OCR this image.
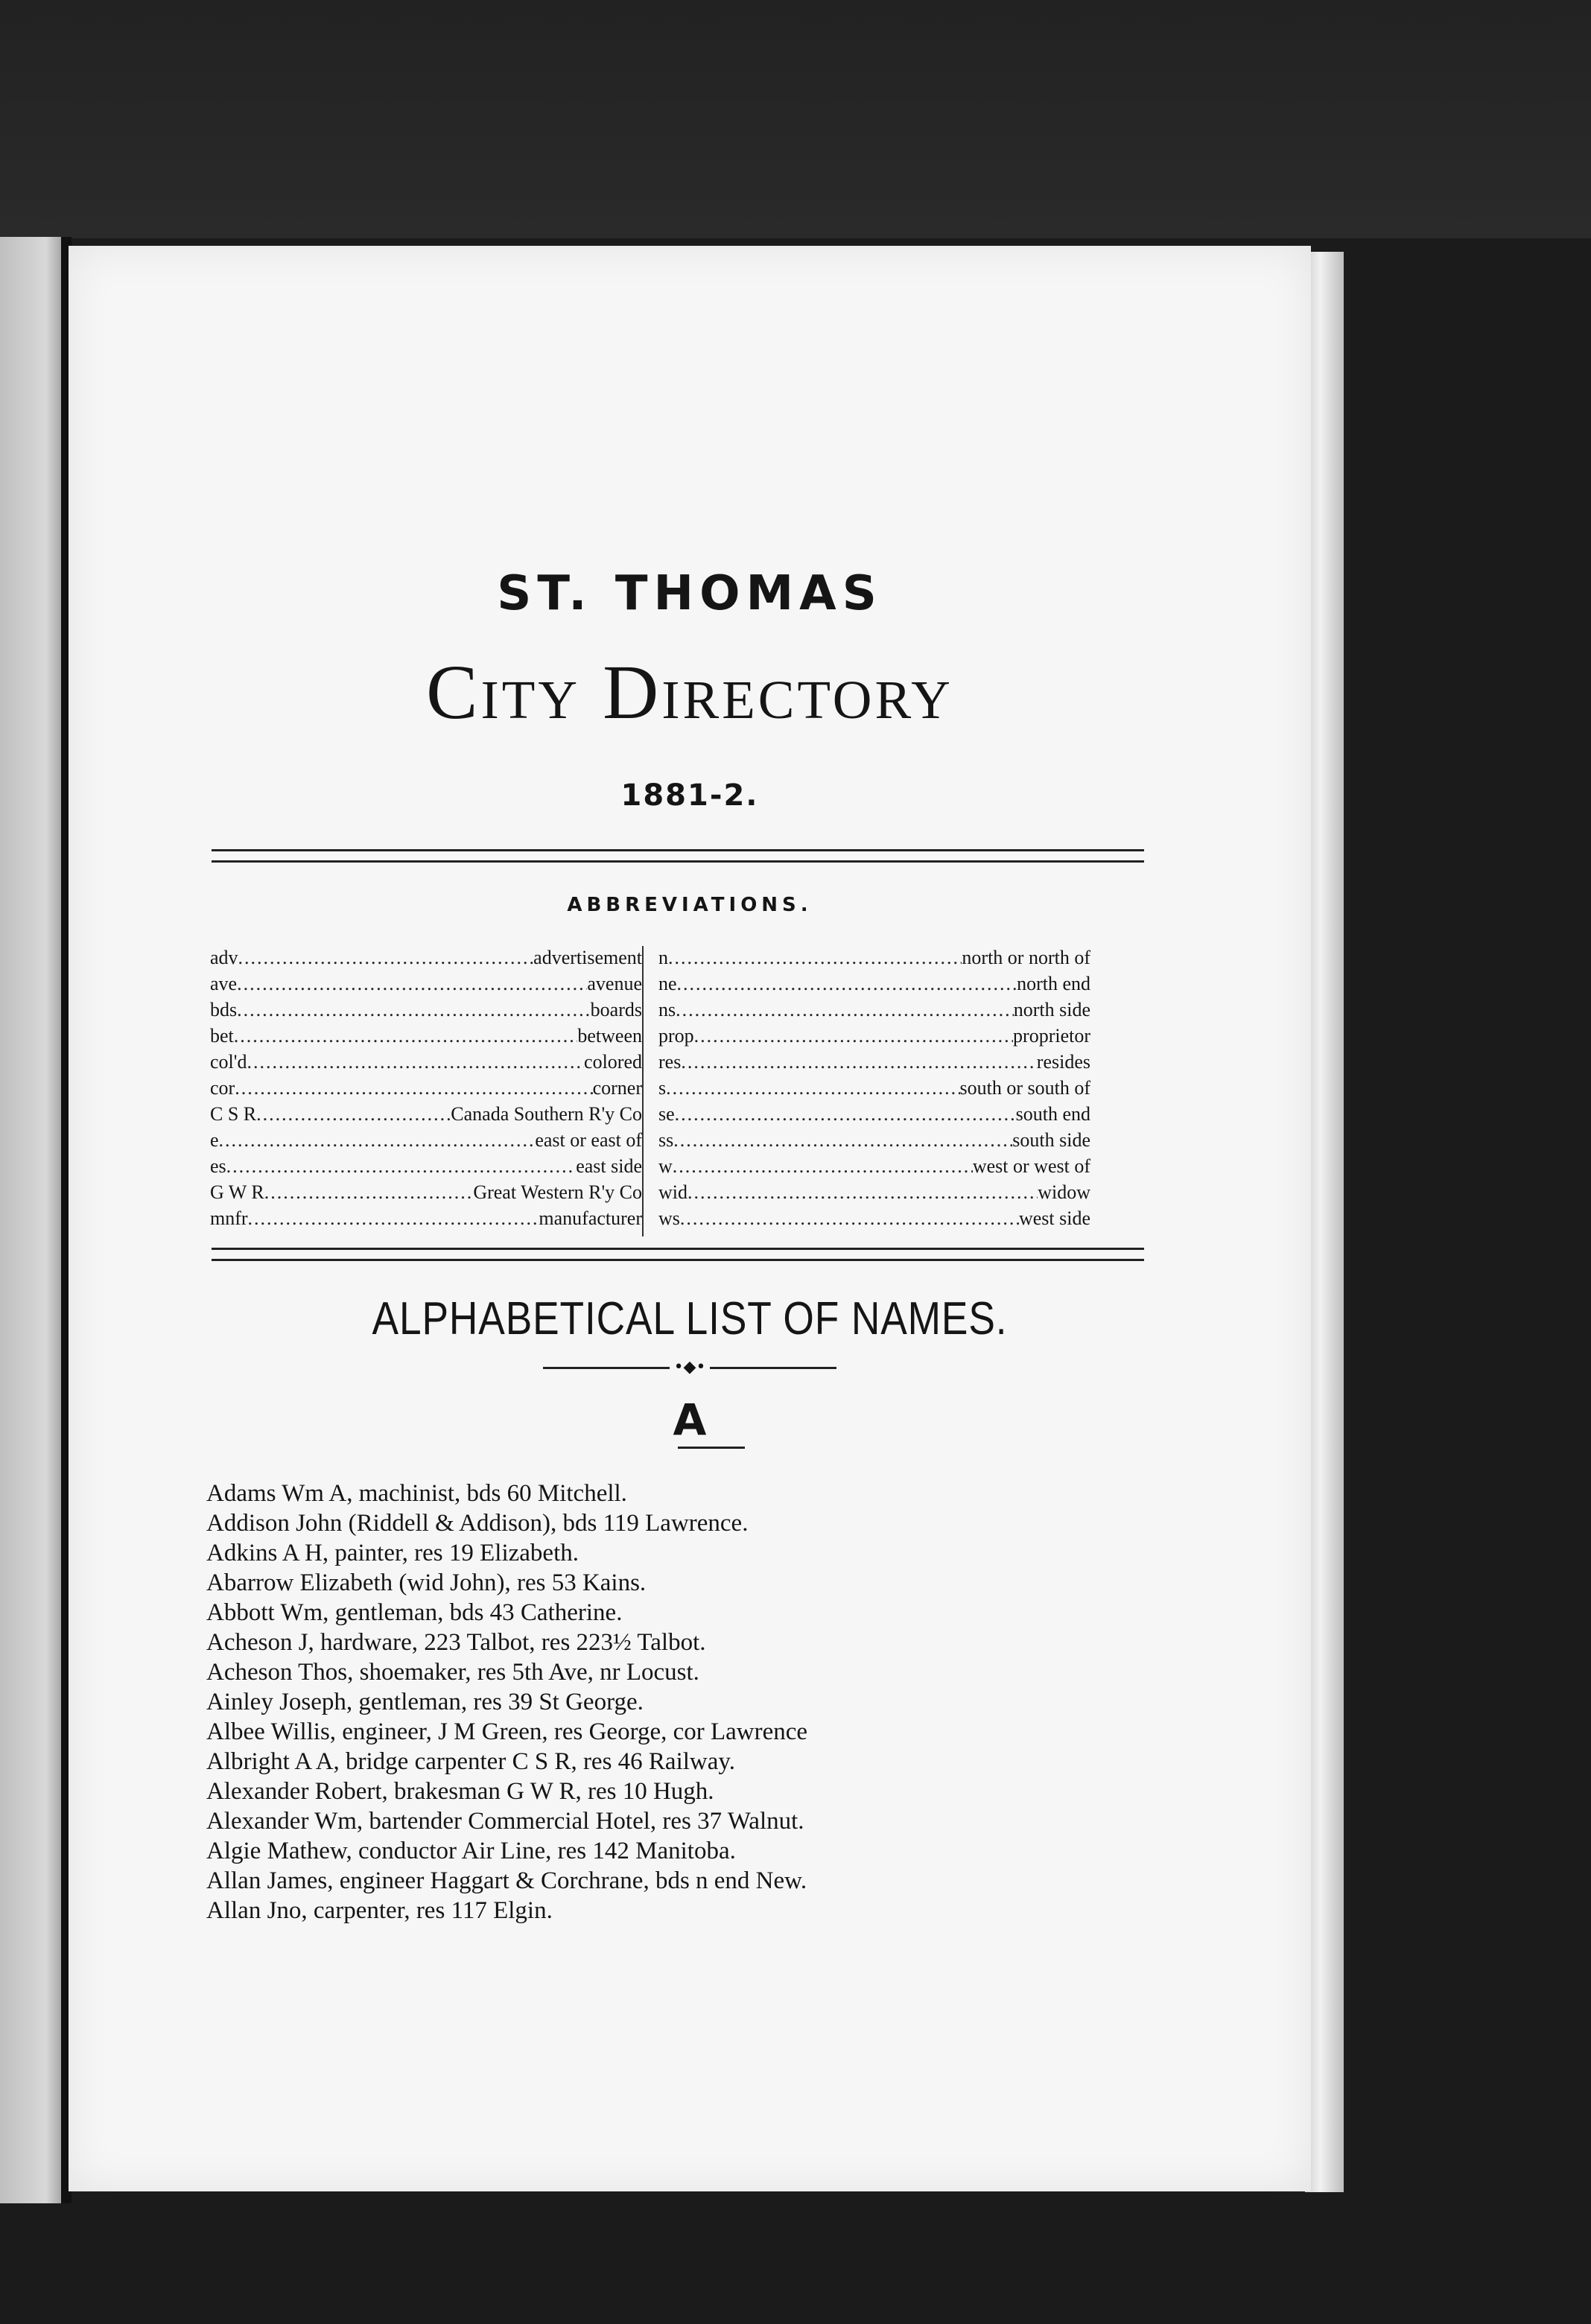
ST. THOMAS
City Directory
1881-2.
ABBREVIATIONS.
adv .....	advertisement
ave .....	avenue
bds .....	boards
bet .....	between
col'd .....	colored
cor .....	corner
C S R .....	Canada Southern R'y Co
e .....	east or east of
es .....	east side
G W R .....	Great Western R'y Co
mnfr .....	manufacturer
n .....	north or north of
ne .....	north end
ns .....	north side
prop .....	proprietor
res .....	resides
s .....	south or south of
se .....	south end
ss .....	south side
w .....	west or west of
wid .....	widow
ws .....	west side
ALPHABETICAL LIST OF NAMES.
•◆•
A
Adams Wm A, machinist, bds 60 Mitchell.
Addison John (Riddell & Addison), bds 119 Lawrence.
Adkins A H, painter, res 19 Elizabeth.
Abarrow Elizabeth (wid John), res 53 Kains.
Abbott Wm, gentleman, bds 43 Catherine.
Acheson J, hardware, 223 Talbot, res 223½ Talbot.
Acheson Thos, shoemaker, res 5th Ave, nr Locust.
Ainley Joseph, gentleman, res 39 St George.
Albee Willis, engineer, J M Green, res George, cor Lawrence
Albright A A, bridge carpenter C S R, res 46 Railway.
Alexander Robert, brakesman G W R, res 10 Hugh.
Alexander Wm, bartender Commercial Hotel, res 37 Walnut.
Algie Mathew, conductor Air Line, res 142 Manitoba.
Allan James, engineer Haggart & Corchrane, bds n end New.
Allan Jno, carpenter, res 117 Elgin.
